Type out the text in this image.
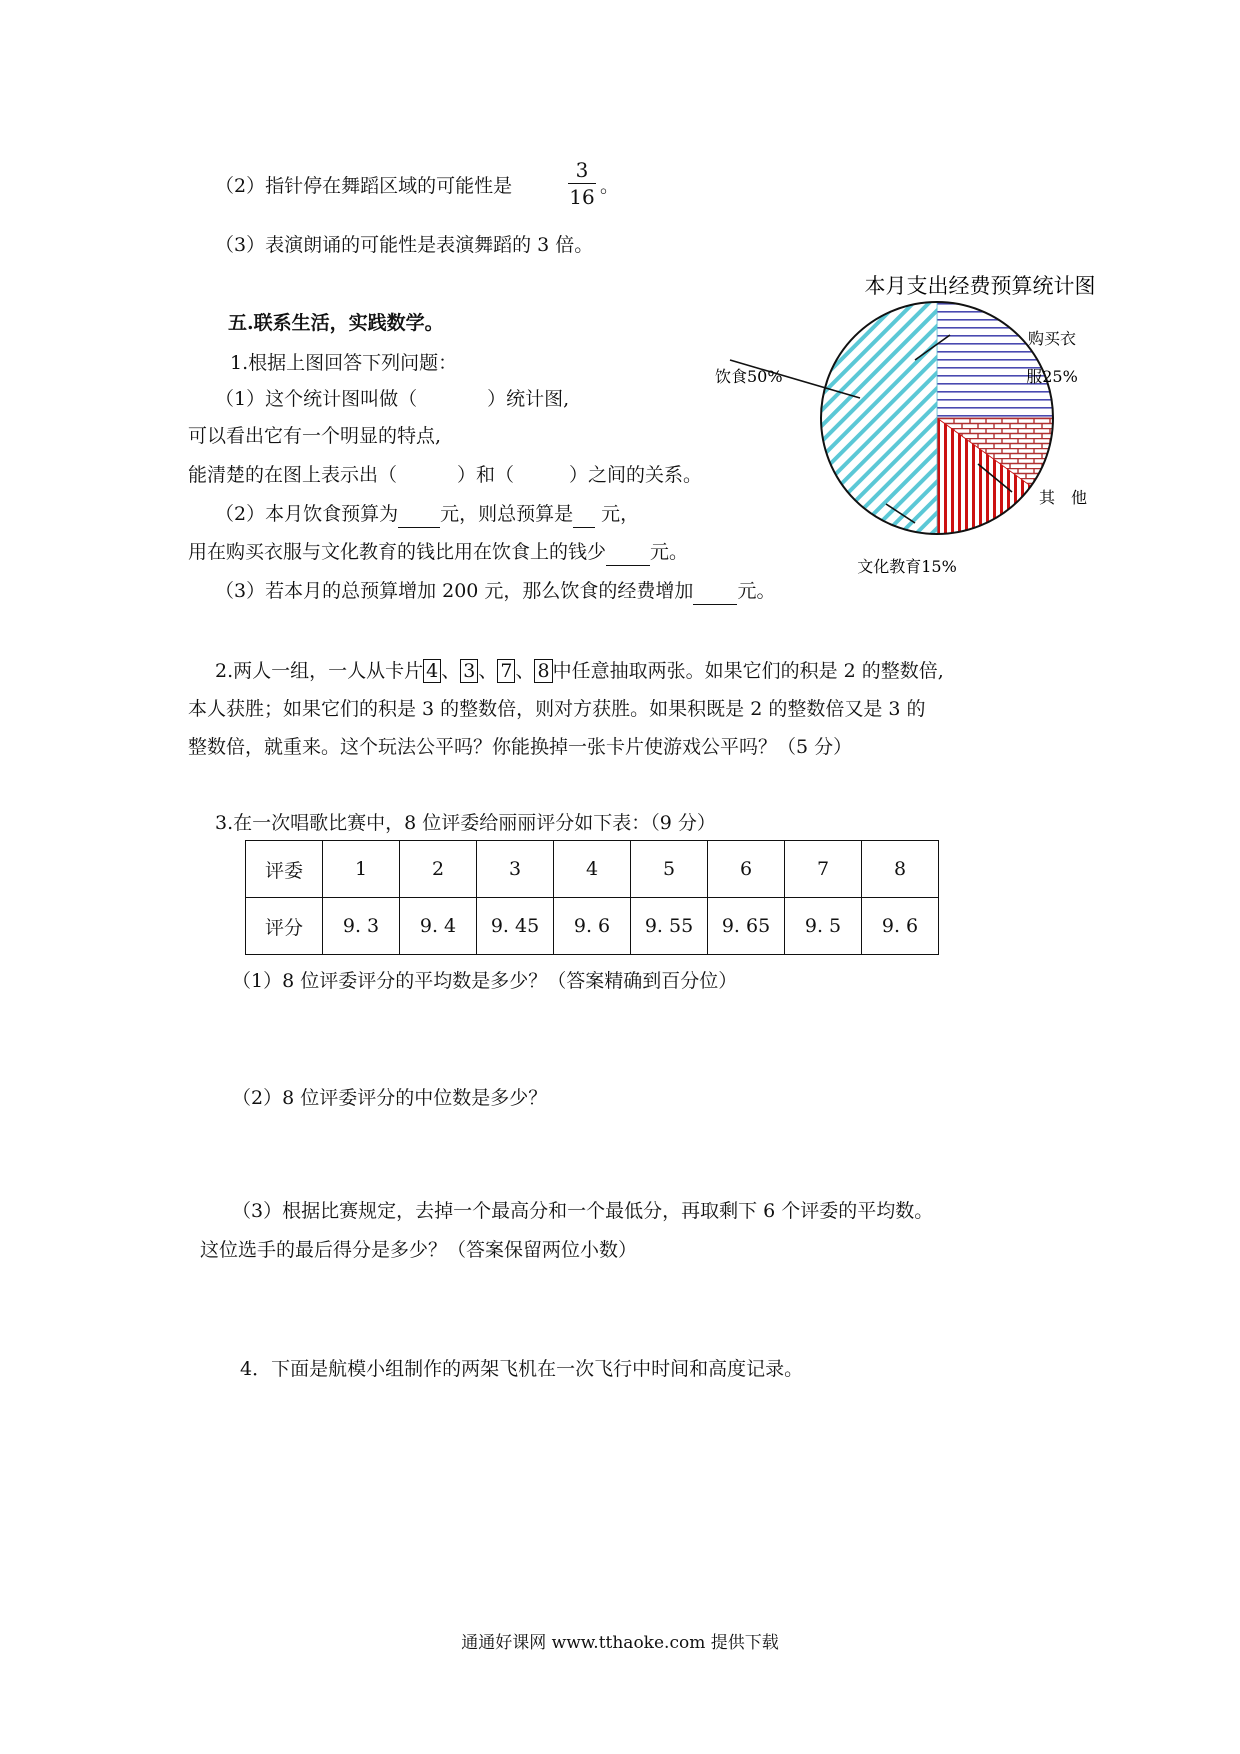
（2）指针停在舞蹈区域的可能性是
3
16 。
（3）表演朗诵的可能性是表演舞蹈的 3 倍。
五.联系生活，实践数学。
1.根据上图回答下列问题：
（1）这个统计图叫做（	）统计图,
可以看出它有一个明显的特点,
能清楚的在图上表示出（	）和（	）之间的关系。
（2）本月饮食预算为 元，则总预算是 元，
用在购买衣服与文化教育的钱比用在饮食上的钱少 元。
（3）若本月的总预算增加 200 元，那么饮食的经费增加 元。
本月支出经费预算统计图
饮食50%
购买衣
服25%
其　他
文化教育15%
2.两人一组，一人从卡片 4 、 3 、 7 、 8 中任意抽取两张。如果它们的积是 2 的整数倍,
本人获胜；如果它们的积是 3 的整数倍，则对方获胜。如果积既是 2 的整数倍又是 3 的
整数倍，就重来。这个玩法公平吗？你能换掉一张卡片使游戏公平吗？（5 分）
3.在一次唱歌比赛中，8 位评委给丽丽评分如下表：（9 分）
评委	1	2	3	4	5	6	7	8
评分	9. 3	9. 4	9. 45	9. 6	9. 55	9. 65	9. 5	9. 6
（1）8 位评委评分的平均数是多少？（答案精确到百分位）
（2）8 位评委评分的中位数是多少？
（3）根据比赛规定，去掉一个最高分和一个最低分，再取剩下 6 个评委的平均数。
这位选手的最后得分是多少？（答案保留两位小数）
4．下面是航模小组制作的两架飞机在一次飞行中时间和高度记录。
通通好课网 www.tthaoke.com 提供下载
